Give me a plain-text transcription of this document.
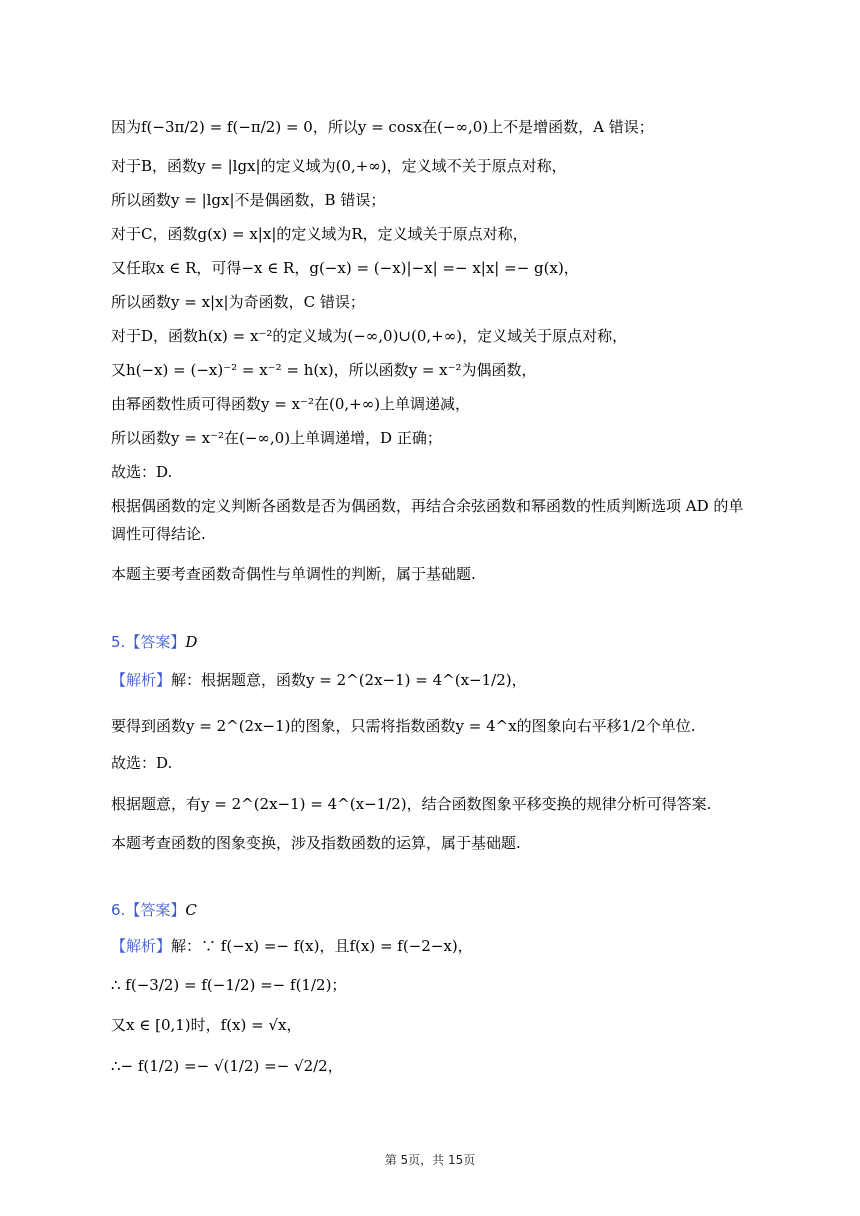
因为f(−3π/2) = f(−π/2) = 0，所以y = cosx在(−∞,0)上不是增函数，A 错误；
对于B，函数y = |lgx|的定义域为(0,+∞)，定义域不关于原点对称，
所以函数y = |lgx|不是偶函数，B 错误；
对于C，函数g(x) = x|x|的定义域为R，定义域关于原点对称，
又任取x ∈ R，可得−x ∈ R，g(−x) = (−x)|−x| =− x|x| =− g(x)，
所以函数y = x|x|为奇函数，C 错误；
对于D，函数h(x) = x⁻²的定义域为(−∞,0)∪(0,+∞)，定义域关于原点对称，
又h(−x) = (−x)⁻² = x⁻² = h(x)，所以函数y = x⁻²为偶函数，
由幂函数性质可得函数y = x⁻²在(0,+∞)上单调递减，
所以函数y = x⁻²在(−∞,0)上单调递增，D 正确；
故选：D.
根据偶函数的定义判断各函数是否为偶函数，再结合余弦函数和幂函数的性质判断选项 AD 的单调性可得结论.
本题主要考查函数奇偶性与单调性的判断，属于基础题.
5.【答案】D
【解析】解：根据题意，函数y = 2^(2x−1) = 4^(x−1/2)，
要得到函数y = 2^(2x−1)的图象，只需将指数函数y = 4^x的图象向右平移1/2个单位.
故选：D.
根据题意，有y = 2^(2x−1) = 4^(x−1/2)，结合函数图象平移变换的规律分析可得答案.
本题考查函数的图象变换，涉及指数函数的运算，属于基础题.
6.【答案】C
【解析】解：∵ f(−x) =− f(x)，且f(x) = f(−2−x)，
∴ f(−3/2) = f(−1/2) =− f(1/2)；
又x ∈ [0,1)时，f(x) = √x，
∴− f(1/2) =− √(1/2) =− √2/2，
第 5页，共 15页
